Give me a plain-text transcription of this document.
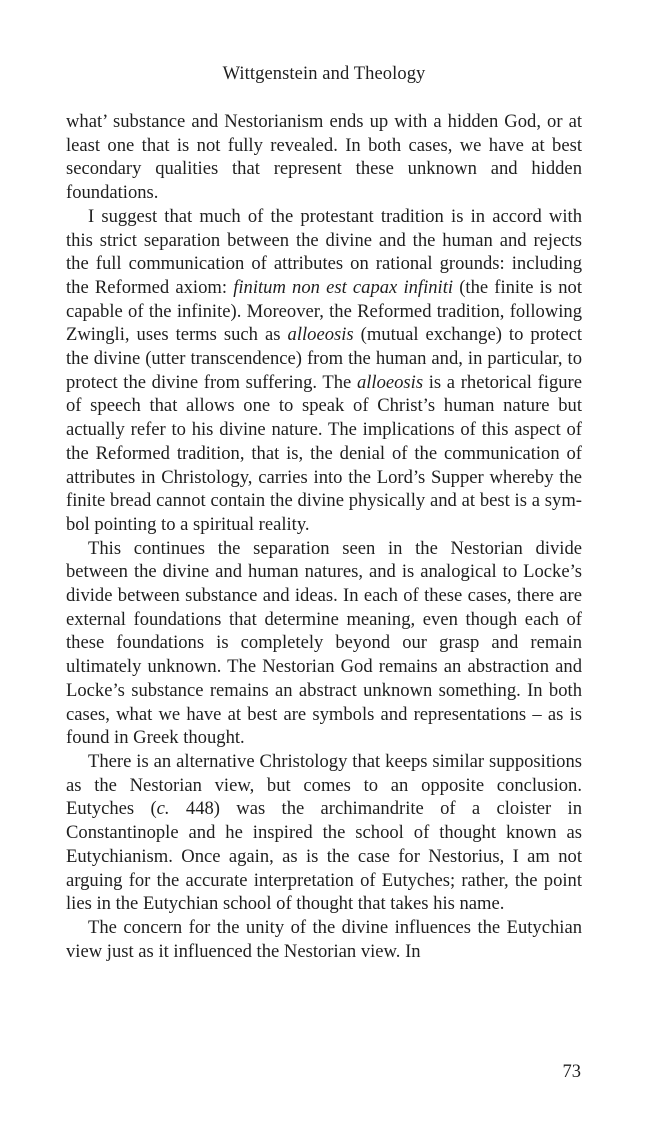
Wittgenstein and Theology

what’ substance and Nestorianism ends up with a hidden God, or at least one that is not fully revealed. In both cases, we have at best secondary qualities that represent these unknown and hidden foundations.

I suggest that much of the protestant tradition is in accord with this strict separation between the divine and the human and rejects the full communication of attributes on rational grounds: including the Reformed axiom: finitum non est capax infiniti (the finite is not capable of the infinite). Moreover, the Reformed tradition, following Zwingli, uses terms such as alloeosis (mutual exchange) to protect the divine (utter transcendence) from the human and, in particular, to protect the divine from suffering. The alloeosis is a rhetorical figure of speech that allows one to speak of Christ’s human nature but actually refer to his divine nature. The implications of this aspect of the Reformed tradition, that is, the denial of the communication of attributes in Christology, carries into the Lord’s Supper whereby the finite bread cannot contain the divine physically and at best is a symbol pointing to a spiritual reality.

This continues the separation seen in the Nestorian divide between the divine and human natures, and is analogical to Locke’s divide between substance and ideas. In each of these cases, there are external foundations that determine meaning, even though each of these foundations is completely beyond our grasp and remain ultimately unknown. The Nestorian God remains an abstraction and Locke’s substance remains an abstract unknown something. In both cases, what we have at best are symbols and representations – as is found in Greek thought.

There is an alternative Christology that keeps similar suppositions as the Nestorian view, but comes to an opposite conclusion. Eutyches (c. 448) was the archimandrite of a cloister in Constantinople and he inspired the school of thought known as Eutychianism. Once again, as is the case for Nestorius, I am not arguing for the accurate interpretation of Eutyches; rather, the point lies in the Eutychian school of thought that takes his name.

The concern for the unity of the divine influences the Eutychian view just as it influenced the Nestorian view. In

73
